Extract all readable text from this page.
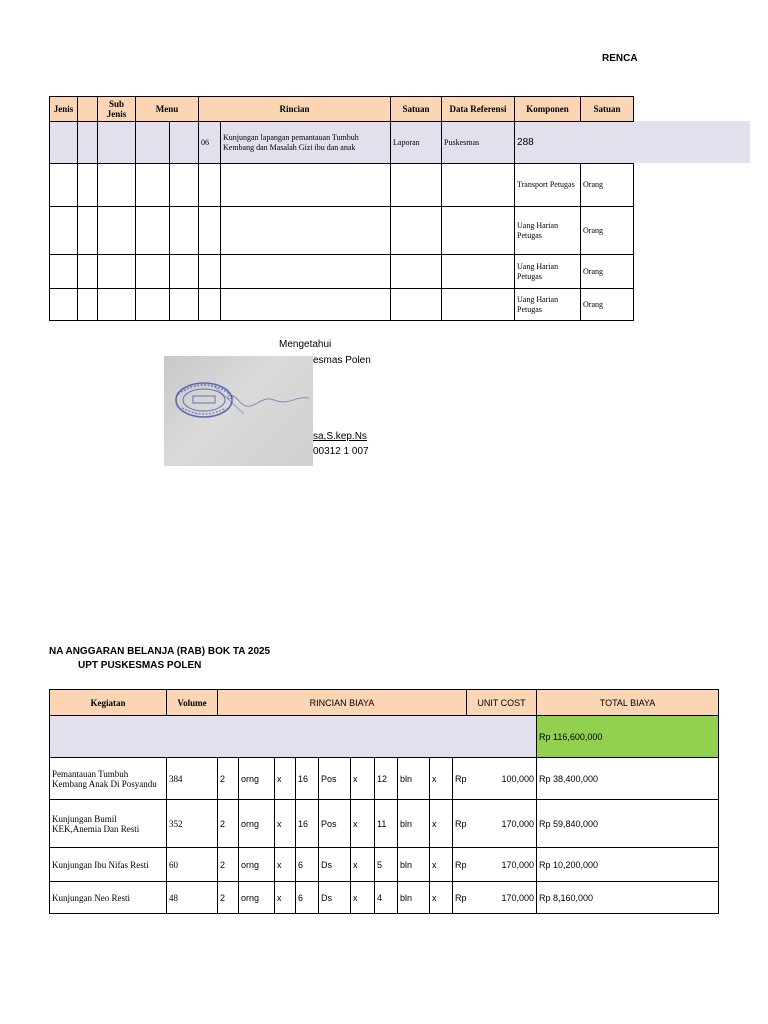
RENCA
Jenis		Sub Jenis	Menu		Rincian		Satuan	Data Referensi	Komponen	Satuan
					06	Kunjungan lapangan pemantauan Tumbuh Kembang dan Masalah Gizi ibu dan anak	Laporan	Puskesmas	288	
									Transport Petugas	Orang
									Uang Harian Petugas	Orang
									Uang Harian Petugas	Orang
									Uang Harian Petugas	Orang
Mengetahui
esmas Polen
sa,S.kep.Ns
00312 1 007
NA ANGGARAN BELANJA (RAB) BOK TA 2025
UPT PUSKESMAS POLEN
Kegiatan	Volume	RINCIAN BIAYA										UNIT COST	TOTAL BIAYA
													Rp 116,600,000
Pemantauan Tumbuh Kembang Anak Di Posyandu	384	2	orng	x	16	Pos	x	12	bln	x	Rp	100,000	Rp 38,400,000
Kunjungan Bumil KEK,Anemia Dan Resti	352	2	orng	x	16	Pos	x	11	bln	x	Rp	170,000	Rp 59,840,000
Kunjungan Ibu Nifas Resti	60	2	orng	x	6	Ds	x	5	bln	x	Rp	170,000	Rp 10,200,000
Kunjungan Neo Resti	48	2	orng	x	6	Ds	x	4	bln	x	Rp	170,000	Rp 8,160,000
